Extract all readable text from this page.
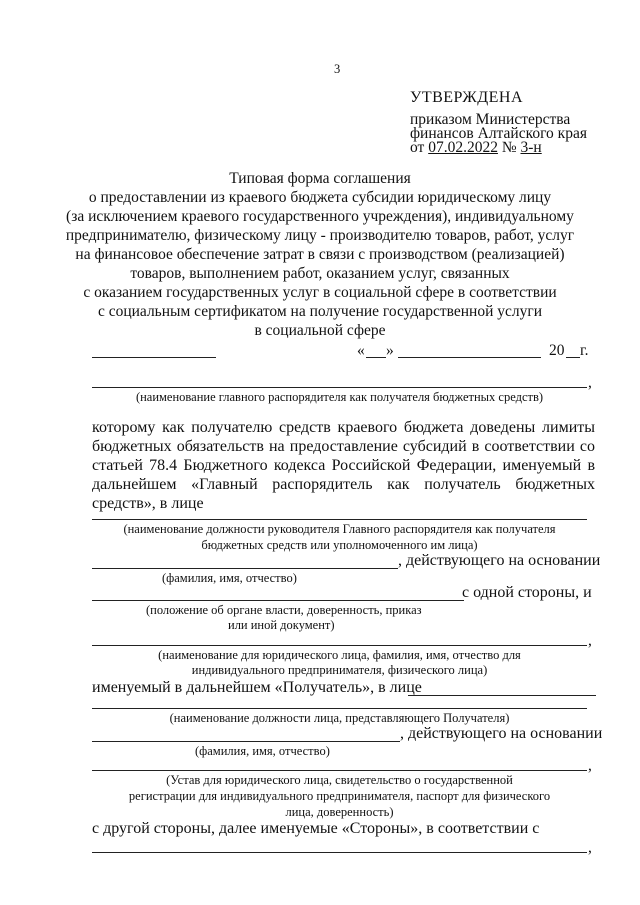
3
УТВЕРЖДЕНА
приказом Министерства
финансов Алтайского края
от 07.02.2022 № 3-н
Типовая форма соглашения
о предоставлении из краевого бюджета субсидии юридическому лицу
(за исключением краевого государственного учреждения), индивидуальному
предпринимателю, физическому лицу - производителю товаров, работ, услуг
на финансовое обеспечение затрат в связи с производством (реализацией)
товаров, выполнением работ, оказанием услуг, связанных
с оказанием государственных услуг в социальной сфере в соответствии
с социальным сертификатом на получение государственной услуги
в социальной сфере
« »	20 г.
,
(наименование главного распорядителя как получателя бюджетных средств)
которому как получателю средств краевого бюджета доведены лимиты бюджетных обязательств на предоставление субсидий в соответствии со статьей 78.4 Бюджетного кодекса Российской Федерации, именуемый в дальнейшем «Главный распорядитель как получатель бюджетных средств», в лице
(наименование должности руководителя Главного распорядителя как получателя
бюджетных средств или уполномоченного им лица)
, действующего на основании
(фамилия, имя, отчество)
с одной стороны, и
(положение об органе власти, доверенность, приказ
или иной документ)
,
(наименование для юридического лица, фамилия, имя, отчество для
индивидуального предпринимателя, физического лица)
именуемый в дальнейшем «Получатель», в лице
(наименование должности лица, представляющего Получателя)
, действующего на основании
(фамилия, имя, отчество)
,
(Устав для юридического лица, свидетельство о государственной
регистрации для индивидуального предпринимателя, паспорт для физического
лица, доверенность)
с другой стороны, далее именуемые «Стороны», в соответствии с
,
